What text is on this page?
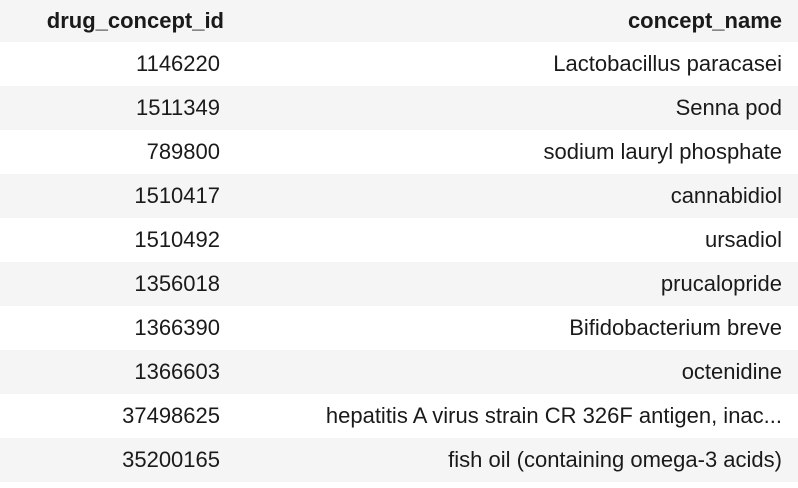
drug_concept_id	concept_name
1146220	Lactobacillus paracasei
1511349	Senna pod
789800	sodium lauryl phosphate
1510417	cannabidiol
1510492	ursadiol
1356018	prucalopride
1366390	Bifidobacterium breve
1366603	octenidine
37498625	hepatitis A virus strain CR 326F antigen, inac...
35200165	fish oil (containing omega-3 acids)
